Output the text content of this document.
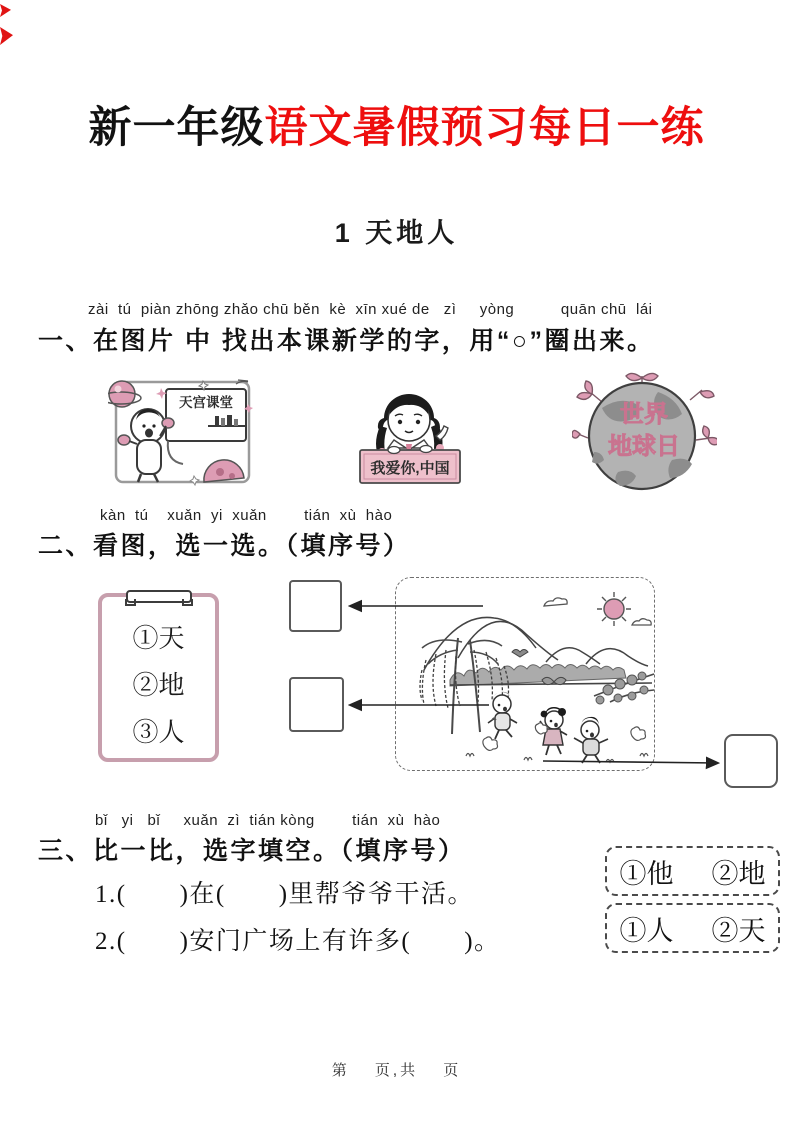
新一年级语文暑假预习每日一练
1 天地人
zài  tú  piàn zhōng zhǎo chū běn  kè  xīn xué de   zì     yòng          quān chū  lái
一、在图片 中 找出本课新学的字，用“○”圈出来。
天宫课堂
我爱你,中国
世界
地球日
kàn  tú    xuǎn  yi  xuǎn        tián  xù  hào
二、看图，选一选。（填序号）
①天
②地
③人
bǐ   yi   bǐ     xuǎn  zì  tián kòng        tián  xù  hào
三、比一比，选字填空。（填序号）
1.(　　)在(　　)里帮爷爷干活。
2.(　　)安门广场上有许多(　　)。
①他 ②地
①人 ②天
第　 页,共　 页
